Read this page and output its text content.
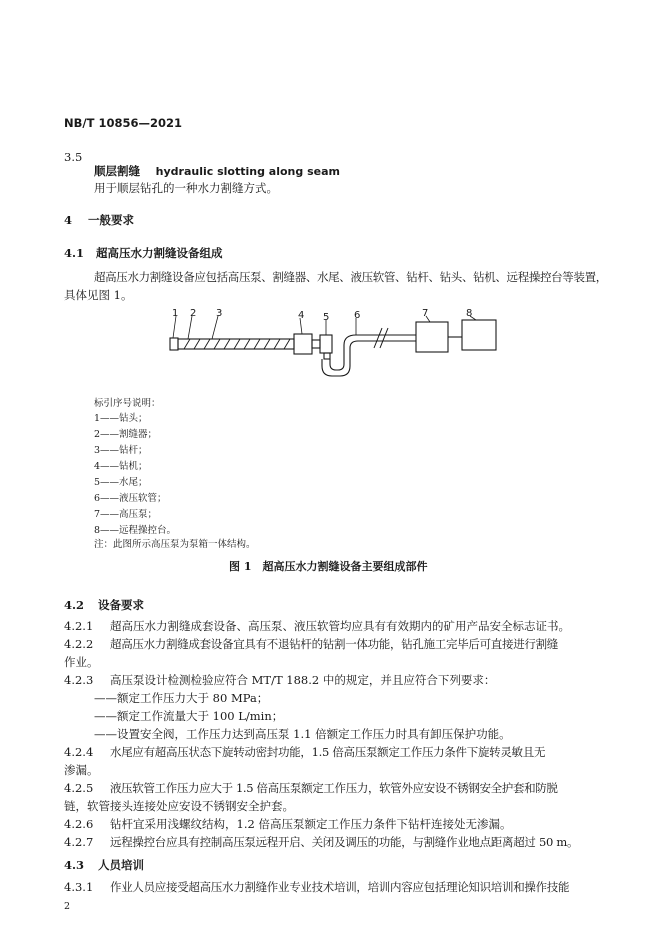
NB/T 10856—2021
3.5
顺层割缝 hydraulic slotting along seam
用于顺层钻孔的一种水力割缝方式。
4 一般要求
4.1 超高压水力割缝设备组成
超高压水力割缝设备应包括高压泵、割缝器、水尾、液压软管、钻杆、钻头、钻机、远程操控台等装置，
具体见图 1。
1 2 3	4 5 6	7	8
标引序号说明：
1——钻头；
2——割缝器；
3——钻杆；
4——钻机；
5——水尾；
6——液压软管；
7——高压泵；
8——远程操控台。
注：此图所示高压泵为泵箱一体结构。
图 1　超高压水力割缝设备主要组成部件
4.2 设备要求
4.2.1 超高压水力割缝成套设备、高压泵、液压软管均应具有有效期内的矿用产品安全标志证书。
4.2.2 超高压水力割缝成套设备宜具有不退钻杆的钻割一体功能，钻孔施工完毕后可直接进行割缝
作业。
4.2.3 高压泵设计检测检验应符合 MT/T 188.2 中的规定，并且应符合下列要求：
——额定工作压力大于 80 MPa；
——额定工作流量大于 100 L/min；
——设置安全阀，工作压力达到高压泵 1.1 倍额定工作压力时具有卸压保护功能。
4.2.4 水尾应有超高压状态下旋转动密封功能，1.5 倍高压泵额定工作压力条件下旋转灵敏且无
渗漏。
4.2.5 液压软管工作压力应大于 1.5 倍高压泵额定工作压力，软管外应安设不锈钢安全护套和防脱
链，软管接头连接处应安设不锈钢安全护套。
4.2.6 钻杆宜采用浅螺纹结构，1.2 倍高压泵额定工作压力条件下钻杆连接处无渗漏。
4.2.7 远程操控台应具有控制高压泵远程开启、关闭及调压的功能，与割缝作业地点距离超过 50 m。
4.3 人员培训
4.3.1 作业人员应接受超高压水力割缝作业专业技术培训，培训内容应包括理论知识培训和操作技能
2
